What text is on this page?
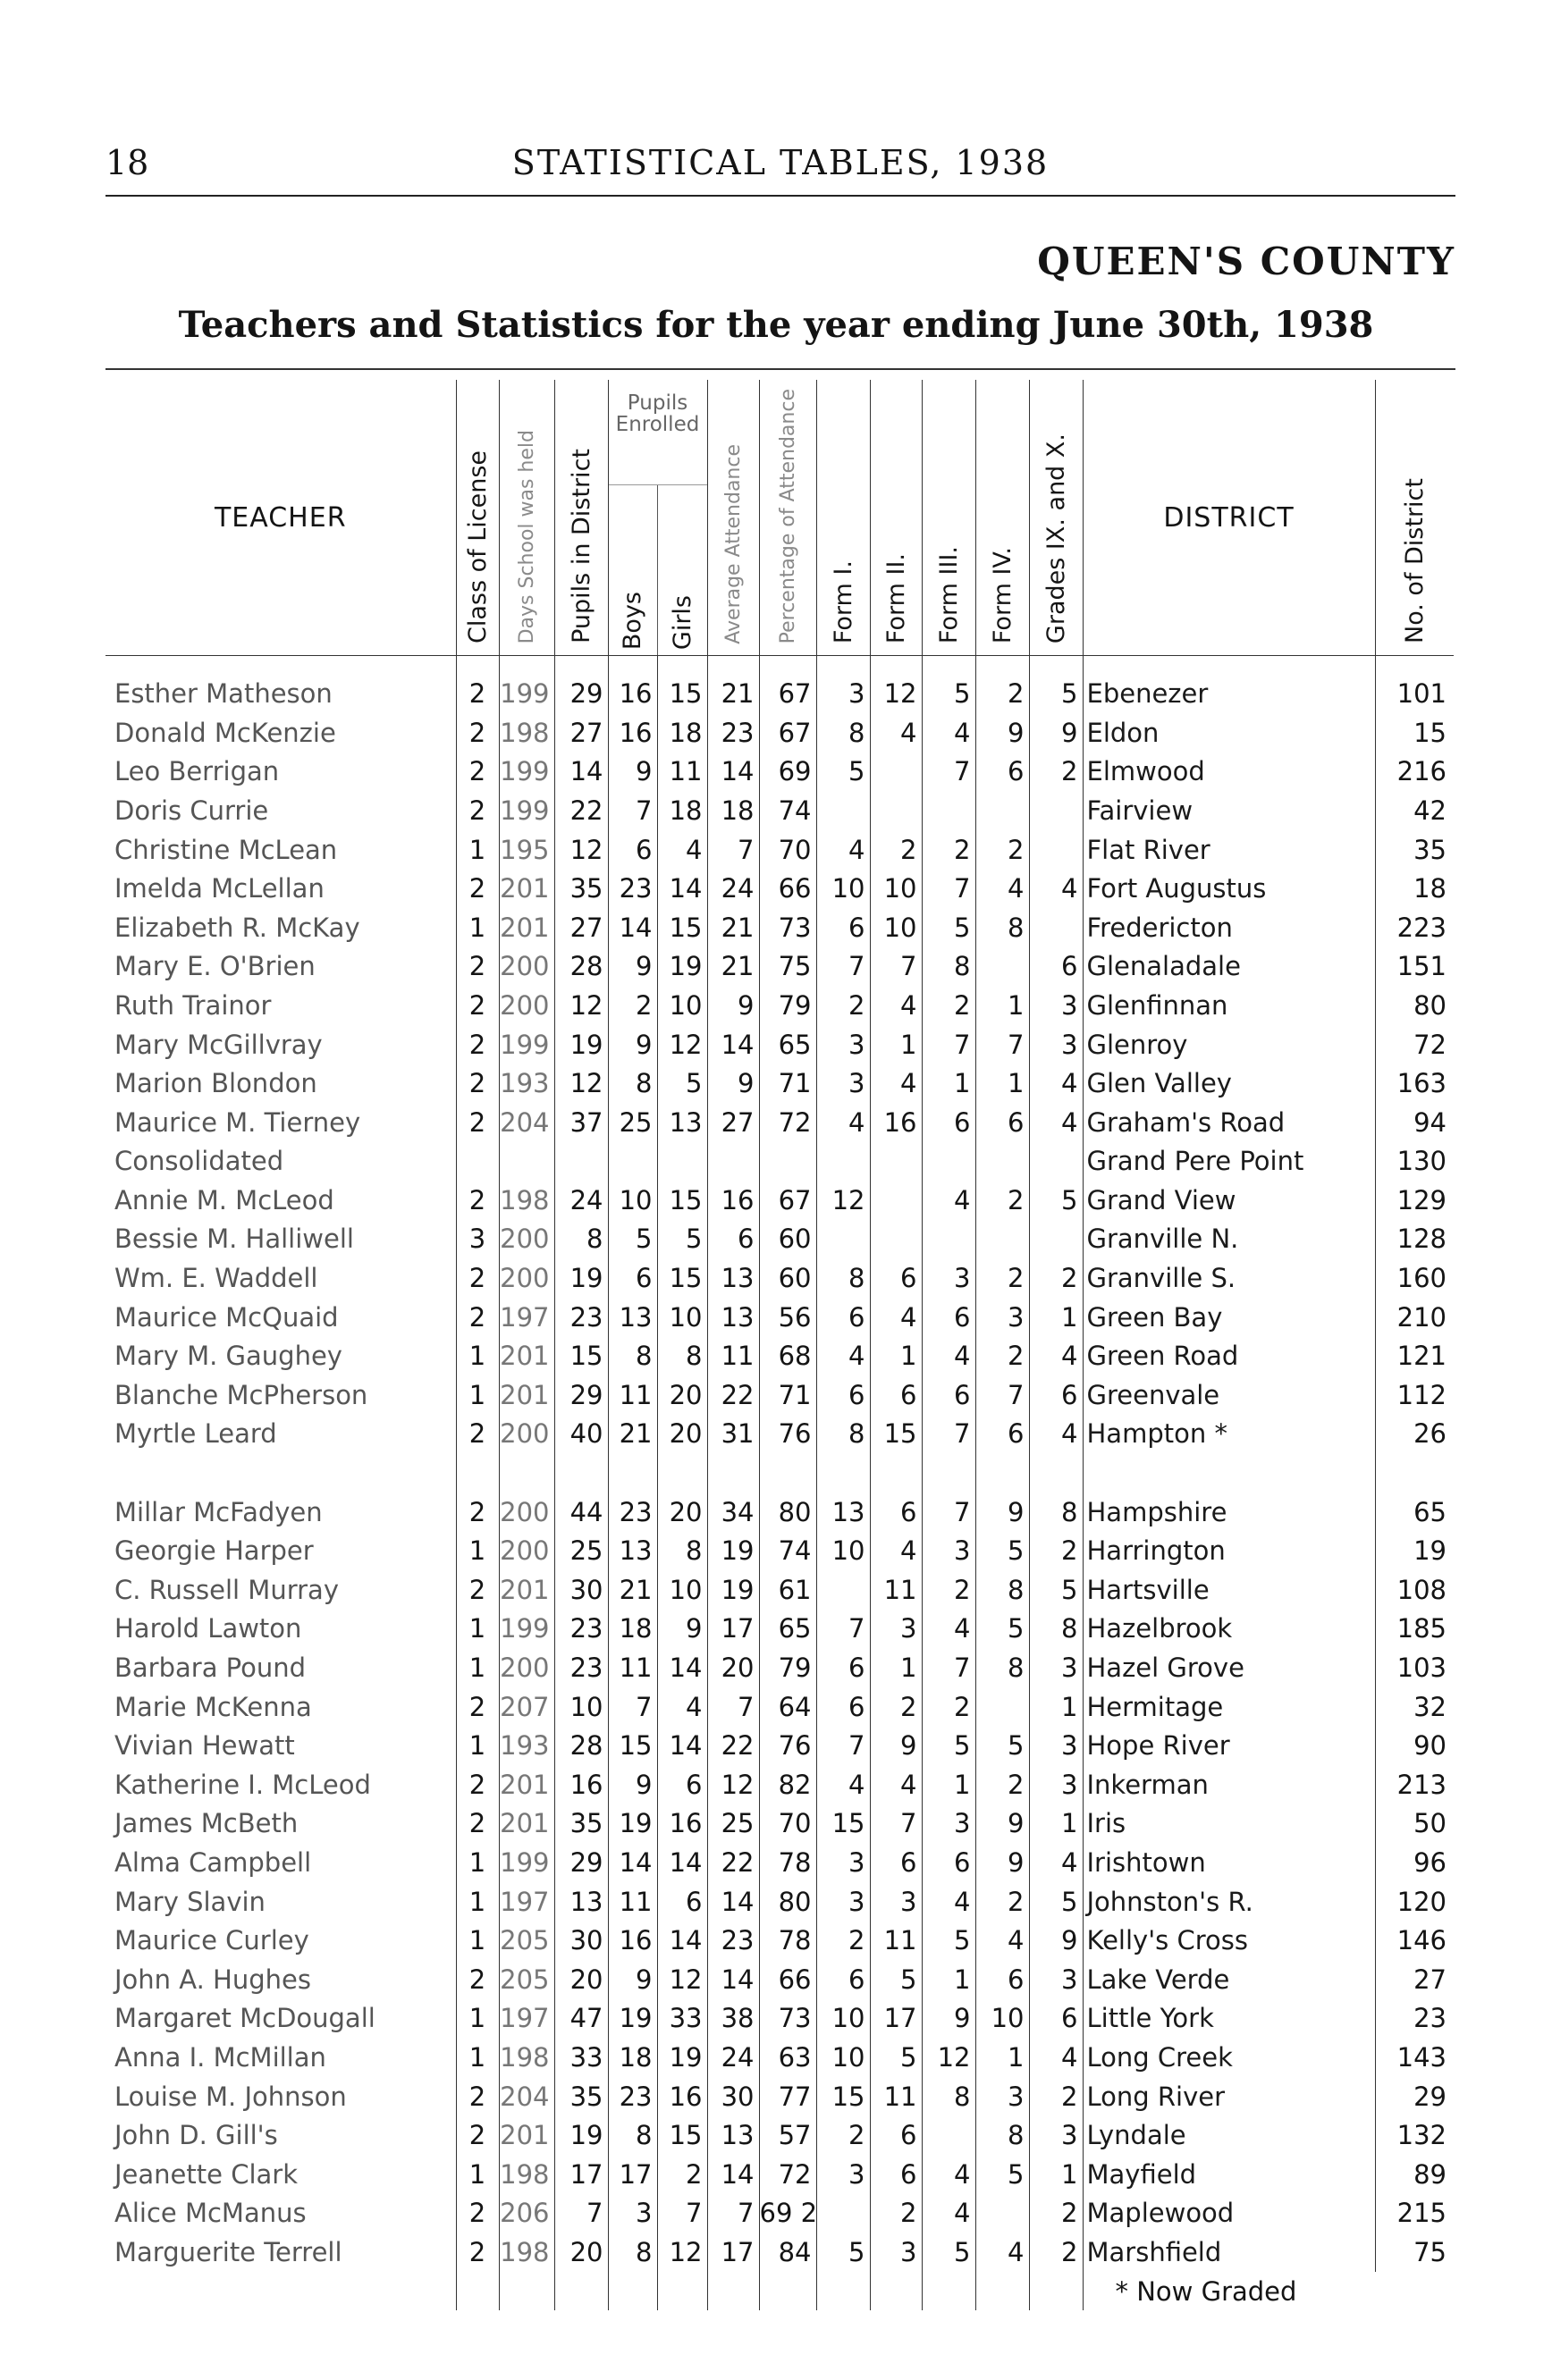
18	STATISTICAL TABLES, 1938
QUEEN'S COUNTY
Teachers and Statistics for the year ending June 30th, 1938
TEACHER	Class of License	Days School was held	Pupils in District	Pupils Enrolled
Boys Girls		Average Attendance	Percentage of Attendance	Form I.	Form II.	Form III.	Form IV.	Grades IX. and X.	DISTRICT	No. of District
Esther Matheson	2	199	29	16	15	21	67	3	12	5	2	5	Ebenezer	101
Donald McKenzie	2	198	27	16	18	23	67	8	4	4	9	9	Eldon	15
Leo Berrigan	2	199	14	9	11	14	69	5		7	6	2	Elmwood	216
Doris Currie	2	199	22	7	18	18	74						Fairview	42
Christine McLean	1	195	12	6	4	7	70	4	2	2	2		Flat River	35
Imelda McLellan	2	201	35	23	14	24	66	10	10	7	4	4	Fort Augustus	18
Elizabeth R. McKay	1	201	27	14	15	21	73	6	10	5	8		Fredericton	223
Mary E. O'Brien	2	200	28	9	19	21	75	7	7	8		6	Glenaladale	151
Ruth Trainor	2	200	12	2	10	9	79	2	4	2	1	3	Glenfinnan	80
Mary McGillvray	2	199	19	9	12	14	65	3	1	7	7	3	Glenroy	72
Marion Blondon	2	193	12	8	5	9	71	3	4	1	1	4	Glen Valley	163
Maurice M. Tierney	2	204	37	25	13	27	72	4	16	6	6	4	Graham's Road	94
Consolidated													Grand Pere Point	130
Annie M. McLeod	2	198	24	10	15	16	67	12		4	2	5	Grand View	129
Bessie M. Halliwell	3	200	8	5	5	6	60						Granville N.	128
Wm. E. Waddell	2	200	19	6	15	13	60	8	6	3	2	2	Granville S.	160
Maurice McQuaid	2	197	23	13	10	13	56	6	4	6	3	1	Green Bay	210
Mary M. Gaughey	1	201	15	8	8	11	68	4	1	4	2	4	Green Road	121
Blanche McPherson	1	201	29	11	20	22	71	6	6	6	7	6	Greenvale	112
Myrtle Leard	2	200	40	21	20	31	76	8	15	7	6	4	Hampton *	26

Millar McFadyen	2	200	44	23	20	34	80	13	6	7	9	8	Hampshire	65
Georgie Harper	1	200	25	13	8	19	74	10	4	3	5	2	Harrington	19
C. Russell Murray	2	201	30	21	10	19	61		11	2	8	5	Hartsville	108
Harold Lawton	1	199	23	18	9	17	65	7	3	4	5	8	Hazelbrook	185
Barbara Pound	1	200	23	11	14	20	79	6	1	7	8	3	Hazel Grove	103
Marie McKenna	2	207	10	7	4	7	64	6	2	2		1	Hermitage	32
Vivian Hewatt	1	193	28	15	14	22	76	7	9	5	5	3	Hope River	90
Katherine I. McLeod	2	201	16	9	6	12	82	4	4	1	2	3	Inkerman	213
James McBeth	2	201	35	19	16	25	70	15	7	3	9	1	Iris	50
Alma Campbell	1	199	29	14	14	22	78	3	6	6	9	4	Irishtown	96
Mary Slavin	1	197	13	11	6	14	80	3	3	4	2	5	Johnston's R.	120
Maurice Curley	1	205	30	16	14	23	78	2	11	5	4	9	Kelly's Cross	146
John A. Hughes	2	205	20	9	12	14	66	6	5	1	6	3	Lake Verde	27
Margaret McDougall	1	197	47	19	33	38	73	10	17	9	10	6	Little York	23
Anna I. McMillan	1	198	33	18	19	24	63	10	5	12	1	4	Long Creek	143
Louise M. Johnson	2	204	35	23	16	30	77	15	11	8	3	2	Long River	29
John D. Gill's	2	201	19	8	15	13	57	2	6		8	3	Lyndale	132
Jeanette Clark	1	198	17	17	2	14	72	3	6	4	5	1	Mayfield	89
Alice McManus	2	206	7	3	7	7	69 2		2	4		2	Maplewood	215
Marguerite Terrell	2	198	20	8	12	17	84	5	3	5	4	2	Marshfield	75
													* Now Graded	
